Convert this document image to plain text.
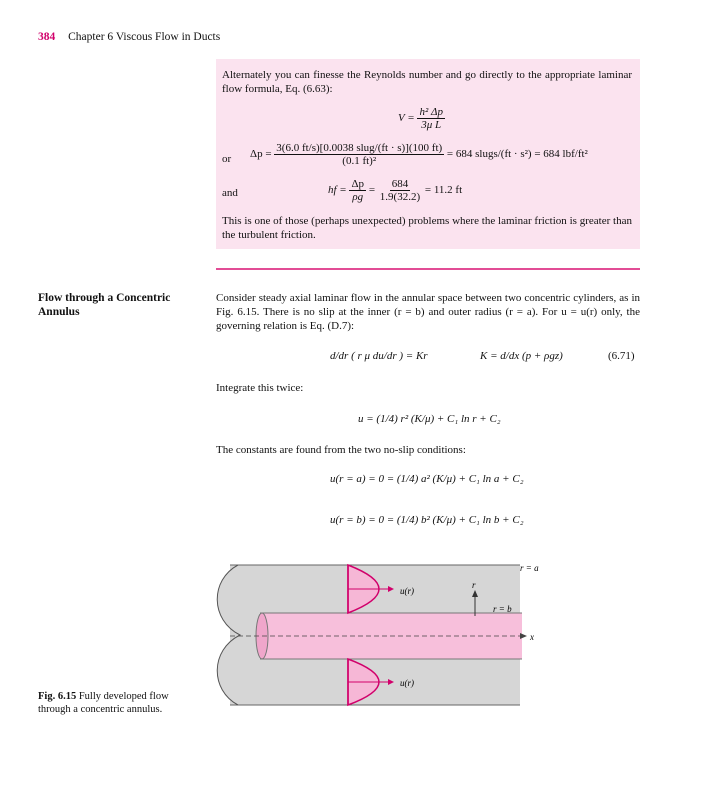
384 Chapter 6 Viscous Flow in Ducts
Alternately you can finesse the Reynolds number and go directly to the appropriate laminar flow formula, Eq. (6.63):
$V = \frac{\text{h² Δp}}{\text{3μ L}}$
or $\Delta p = \frac{\text{3(6.0 ft/s)[0.0038 slug/(ft · s)](100 ft)}}{\text{(0.1 ft)²}} = 684$ slugs/(ft · s²) = 684 lbf/ft²
and	hf = $\frac{\Delta p}{\rho g} = \frac{684}{1.9(32.2)} = 11.2$ ft
This is one of those (perhaps unexpected) problems where the laminar friction is greater than the turbulent friction.
Flow through a Concentric
Annulus
Consider steady axial laminar flow in the annular space between two concentric cylinders, as in Fig. 6.15. There is no slip at the inner (r = b) and outer radius (r = a). For u = u(r) only, the governing relation is Eq. (D.7):
d/dr ( r μ du/dr ) = Kr	K = d/dx (p + ρgz)	(6.71)
Integrate this twice:
u = (1/4) r² (K/μ) + C₁ ln r + C₂
The constants are found from the two no-slip conditions:
u(r = a) = 0 = (1/4) a² (K/μ) + C₁ ln a + C₂
u(r = b) = 0 = (1/4) b² (K/μ) + C₁ ln b + C₂
u(r)
u(r)
r
r = b
r = a
x
Fig. 6.15 Fully developed flow through a concentric annulus.
